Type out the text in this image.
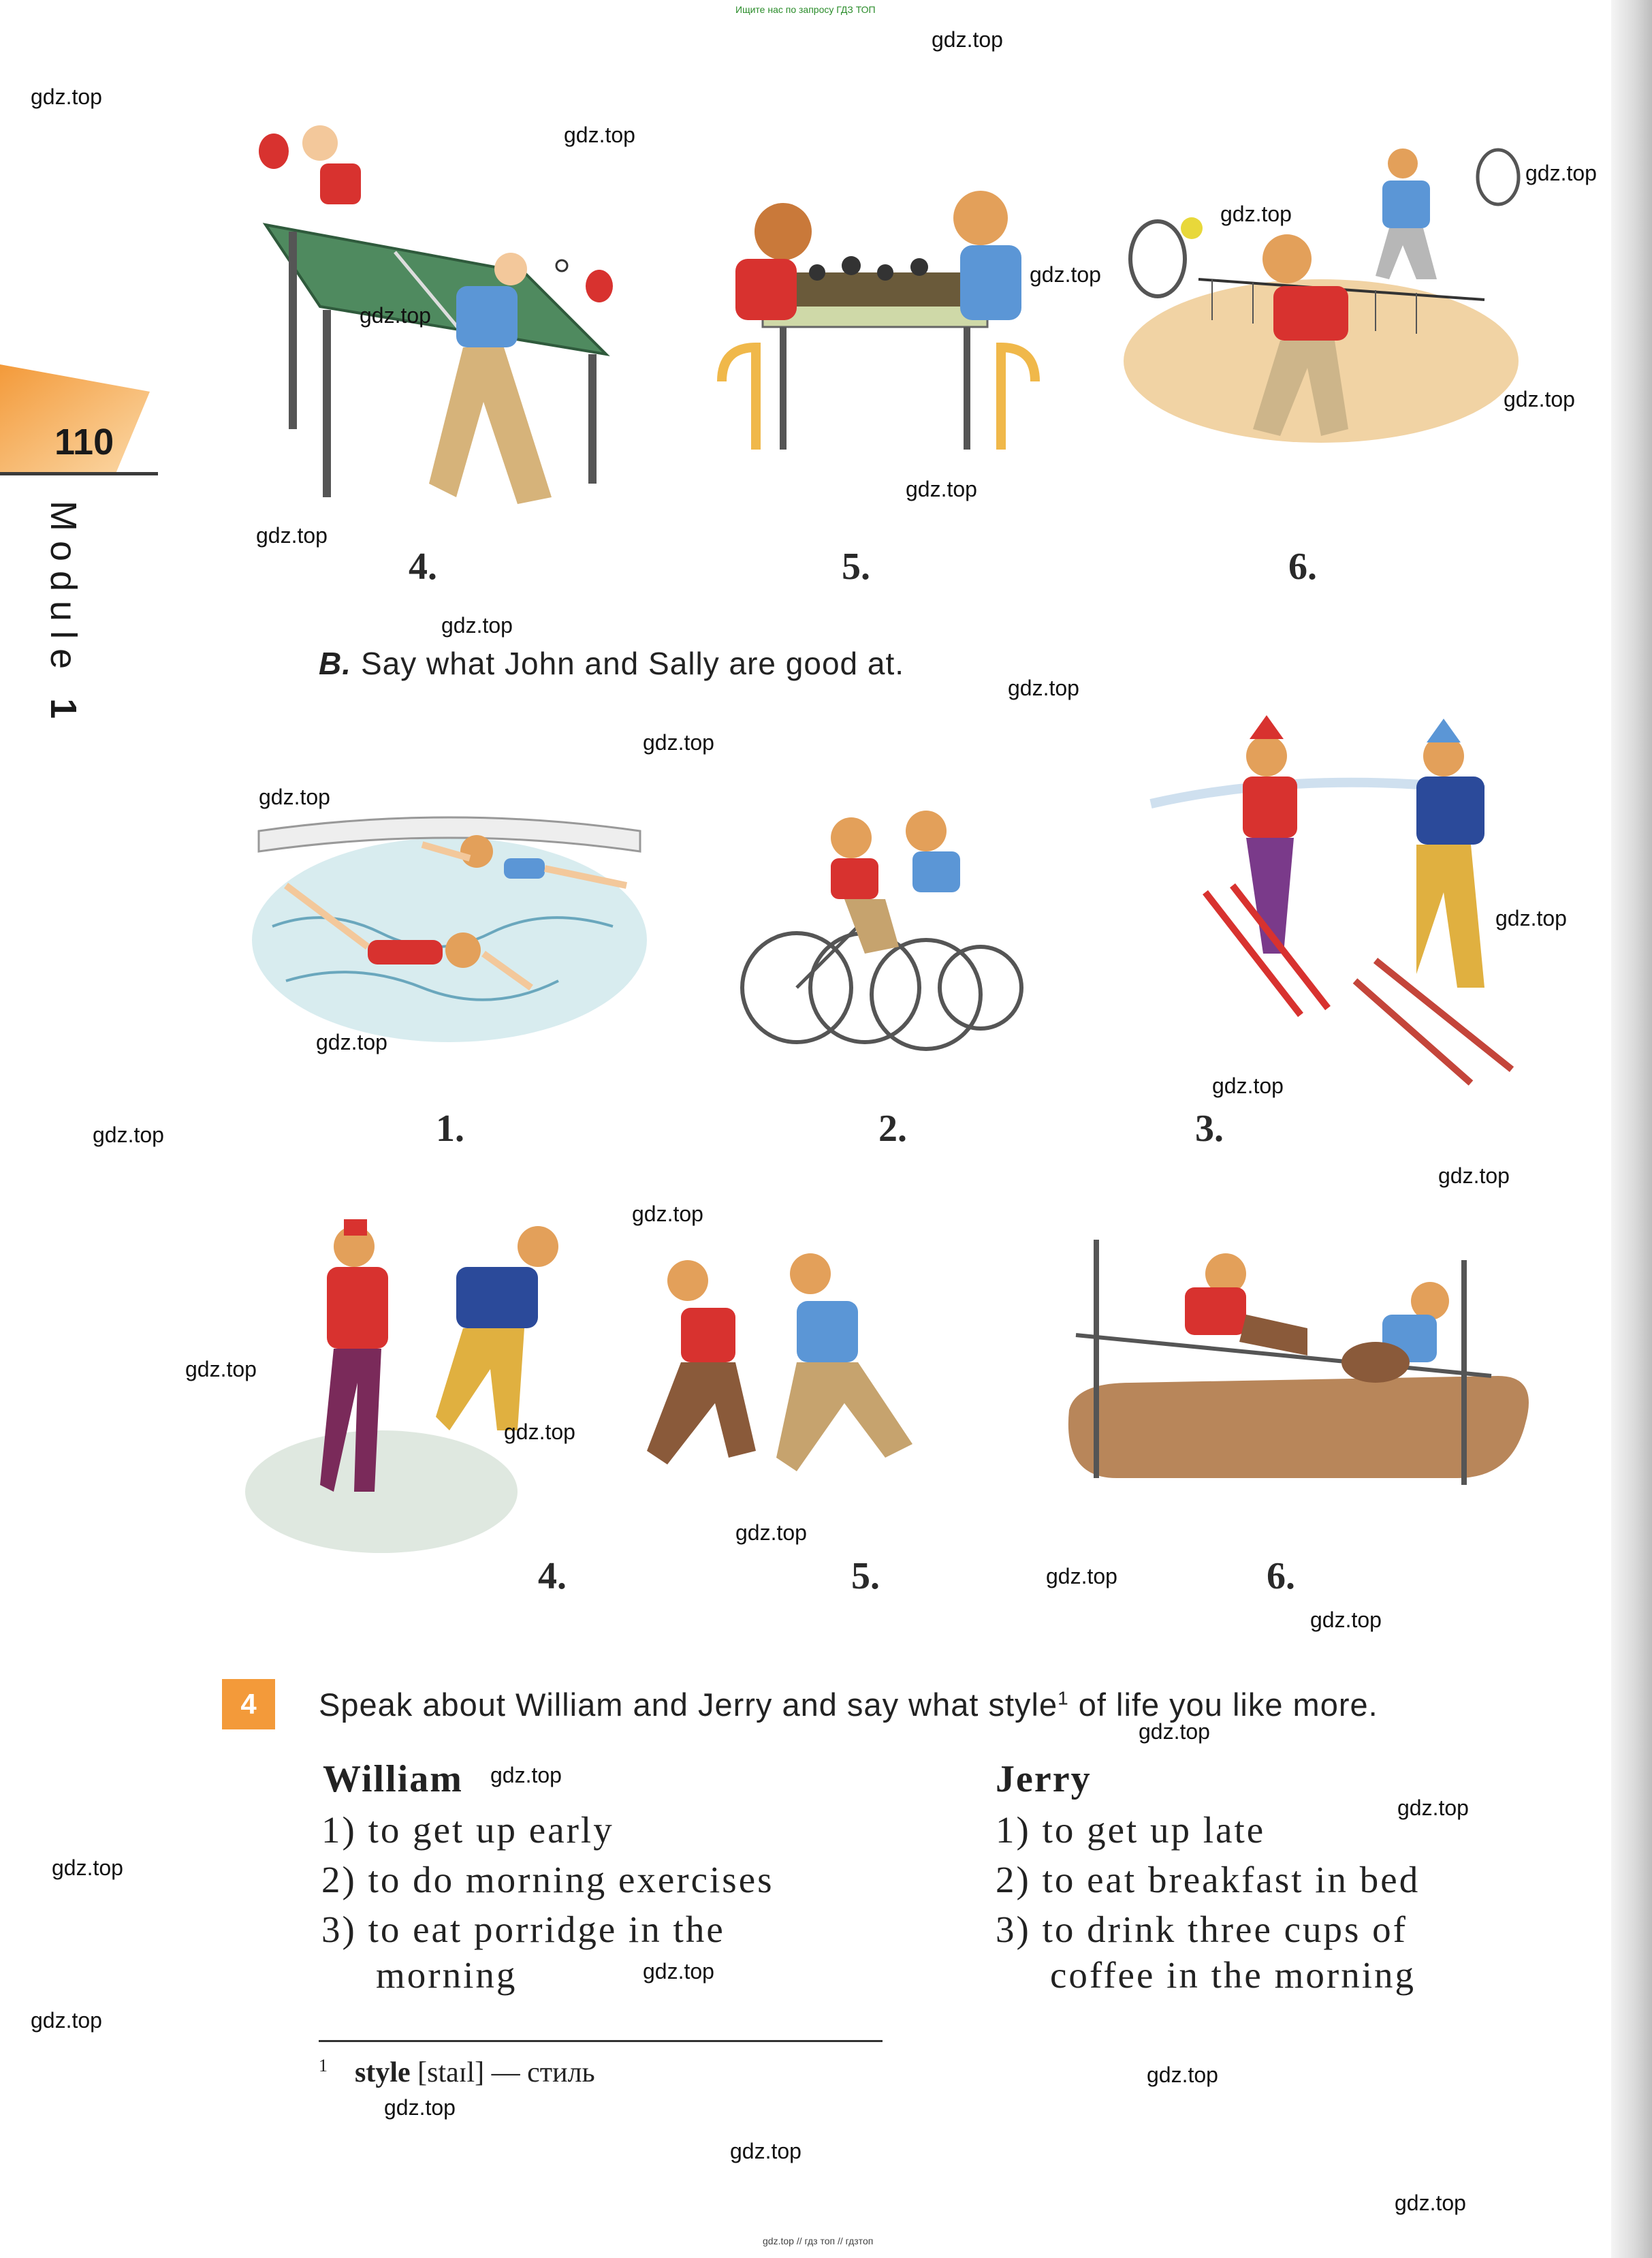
Ищите нас по запросу ГДЗ ТОП
110
Module 1
4.	5.	6.
B. Say what John and Sally are good at.
1.	2.	3.
4.	5.	6.
4	Speak about William and Jerry and say what style$^1$ of life you like more.
William
1) to get up early
2) to do morning exercises
3) to eat porridge in the
morning
Jerry
1) to get up late
2) to eat breakfast in bed
3) to drink three cups of
coffee in the morning
$^1$ style [staɪl] — стиль
gdz.top
gdz.top
gdz.top
gdz.top
gdz.top
gdz.top
gdz.top
gdz.top
gdz.top
gdz.top
gdz.top
gdz.top
gdz.top
gdz.top
gdz.top
gdz.top
gdz.top
gdz.top
gdz.top
gdz.top
gdz.top
gdz.top
gdz.top
gdz.top
gdz.top
gdz.top
gdz.top
gdz.top
gdz.top
gdz.top
gdz.top
gdz.top
gdz.top
gdz.top
gdz.top
gdz.top // гдз топ // гдзтоп
